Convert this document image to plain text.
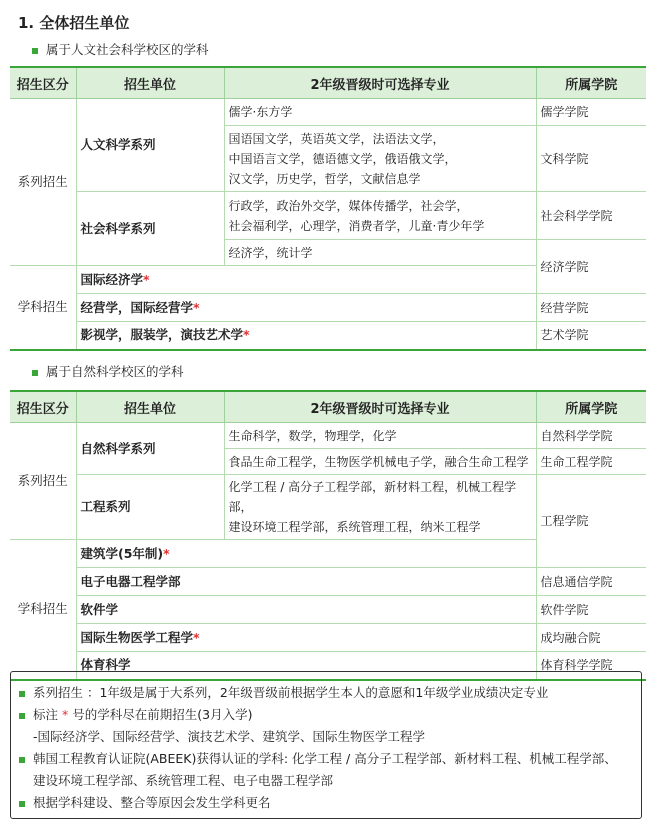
1. 全体招生单位
属于人文社会科学校区的学科
招生区分	招生单位	2年级晋级时可选择专业	所属学院
系列招生	人文科学系列	儒学·东方学	儒学学院

		国语国文学，英语英文学，法语法文学，
中国语言文学，德语德文学，俄语俄文学，
汉文学，历史学，哲学，文献信息学	文科学院
	社会科学系列	行政学，政治外交学，媒体传播学，社会学，
社会福利学，心理学，消费者学，儿童·青少年学	社会科学学院
		经济学，统计学	经济学院
学科招生	国际经济学*		
	经营学，国际经营学*		经营学院
	影视学，服装学，演技艺术学*		艺术学院
属于自然科学校区的学科
招生区分	招生单位	2年级晋级时可选择专业	所属学院
系列招生	自然科学系列	生命科学，数学，物理学，化学	自然科学学院
		食品生命工程学，生物医学机械电子学，融合生命工程学	生命工程学院
	工程系列	化学工程 / 高分子工程学部，新材料工程，机械工程学部，
建设环境工程学部，系统管理工程，纳米工程学	工程学院
学科招生	建筑学(5年制)*		
	电子电器工程学部		信息通信学院
	软件学		软件学院
	国际生物医学工程学*		成均融合院
	体育科学		体育科学学院
系列招生 ：1年级是属于大系列，2年级晋级前根据学生本人的意愿和1年级学业成绩决定专业
标注 * 号的学科尽在前期招生(3月入学)
-国际经济学、国际经营学、演技艺术学、建筑学、国际生物医学工程学
韩国工程教育认证院(ABEEK)获得认证的学科: 化学工程 / 高分子工程学部、新材料工程、机械工程学部、
建设环境工程学部、系统管理工程、电子电器工程学部
根据学科建设、整合等原因会发生学科更名
